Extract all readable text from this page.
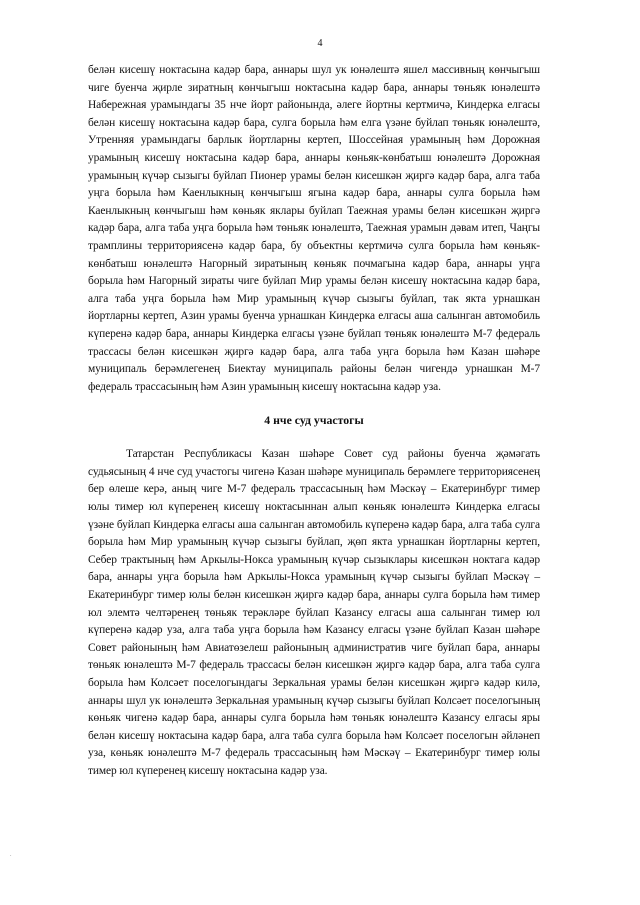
4

белән кисешү ноктасына кадәр бара, аннары шул ук юнәлештә яшел массивның көнчыгыш чиге буенча җирле зиратның көнчыгыш ноктасына кадәр бара, аннары төньяк юнәлештә Набережная урамындагы 35 нче йорт районында, әлеге йортны кертмичә, Киндерка елгасы белән кисешү ноктасына кадәр бара, сулга борыла һәм елга үзәне буйлап төньяк юнәлештә, Утренняя урамындагы барлык йортларны кертеп, Шоссейная урамының һәм Дорожная урамының кисешү ноктасына кадәр бара, аннары көньяк-көнбатыш юнәлештә Дорожная урамының күчәр сызыгы буйлап Пионер урамы белән кисешкән җиргә кадәр бара, алга таба уңга борыла һәм Каенлыкның көнчыгыш ягына кадәр бара, аннары сулга борыла һәм Каенлыкның көнчыгыш һәм көньяк яклары буйлап Таежная урамы белән кисешкән җиргә кадәр бара, алга таба уңга борыла һәм төньяк юнәлештә, Таежная урамын дәвам итеп, Чаңгы трамплины территориясенә кадәр бара, бу объектны кертмичә сулга борыла һәм көньяк-көнбатыш юнәлештә Нагорный зиратының көньяк почмагына кадәр бара, аннары уңга борыла һәм Нагорный зираты чиге буйлап Мир урамы белән кисешү ноктасына кадәр бара, алга таба уңга борыла һәм Мир урамының күчәр сызыгы буйлап, так якта урнашкан йортларны кертеп, Азин урамы буенча урнашкан Киндерка елгасы аша салынган автомобиль күперенә кадәр бара, аннары Киндерка елгасы үзәне буйлап төньяк юнәлештә М-7 федераль трассасы белән кисешкән җиргә кадәр бара, алга таба уңга борыла һәм Казан шәһәре муниципаль берәмлегенең Биектау муниципаль районы белән чигендә урнашкан М-7 федераль трассасының һәм Азин урамының кисешү ноктасына кадәр уза.

4 нче суд участогы

Татарстан Республикасы Казан шәһәре Совет суд районы буенча җәмәгать судьясының 4 нче суд участогы чигенә Казан шәһәре муниципаль берәмлеге территориясенең бер өлеше керә, аның чиге М-7 федераль трассасының һәм Мәскәү – Екатеринбург тимер юлы тимер юл күперенең кисешү ноктасыннан алып көньяк юнәлештә Киндерка елгасы үзәне буйлап Киндерка елгасы аша салынган автомобиль күперенә кадәр бара, алга таба сулга борыла һәм Мир урамының күчәр сызыгы буйлап, җөп якта урнашкан йортларны кертеп, Себер трактының һәм Аркылы-Нокса урамының күчәр сызыклары кисешкән ноктага кадәр бара, аннары уңга борыла һәм Аркылы-Нокса урамының күчәр сызыгы буйлап Мәскәү – Екатеринбург тимер юлы белән кисешкән җиргә кадәр бара, аннары сулга борыла һәм тимер юл элемтә челтәренең төньяк терәкләре буйлап Казансу елгасы аша салынган тимер юл күперенә кадәр уза, алга таба уңга борыла һәм Казансу елгасы үзәне буйлап Казан шәһәре Совет районының һәм Авиатөзелеш районының административ чиге буйлап бара, аннары төньяк юнәлештә М-7 федераль трассасы белән кисешкән җиргә кадәр бара, алга таба сулга борыла һәм Колсәет поселогындагы Зеркальная урамы белән кисешкән җиргә кадәр килә, аннары шул ук юнәлештә Зеркальная урамының күчәр сызыгы буйлап Колсәет поселогының көньяк чигенә кадәр бара, аннары сулга борыла һәм төньяк юнәлештә Казансу елгасы яры белән кисешү ноктасына кадәр бара, алга таба сулга борыла һәм Колсәет поселогын әйләнеп уза, көньяк юнәлештә М-7 федераль трассасының һәм Мәскәү – Екатеринбург тимер юлы тимер юл күперенең кисешү ноктасына кадәр уза.

.
